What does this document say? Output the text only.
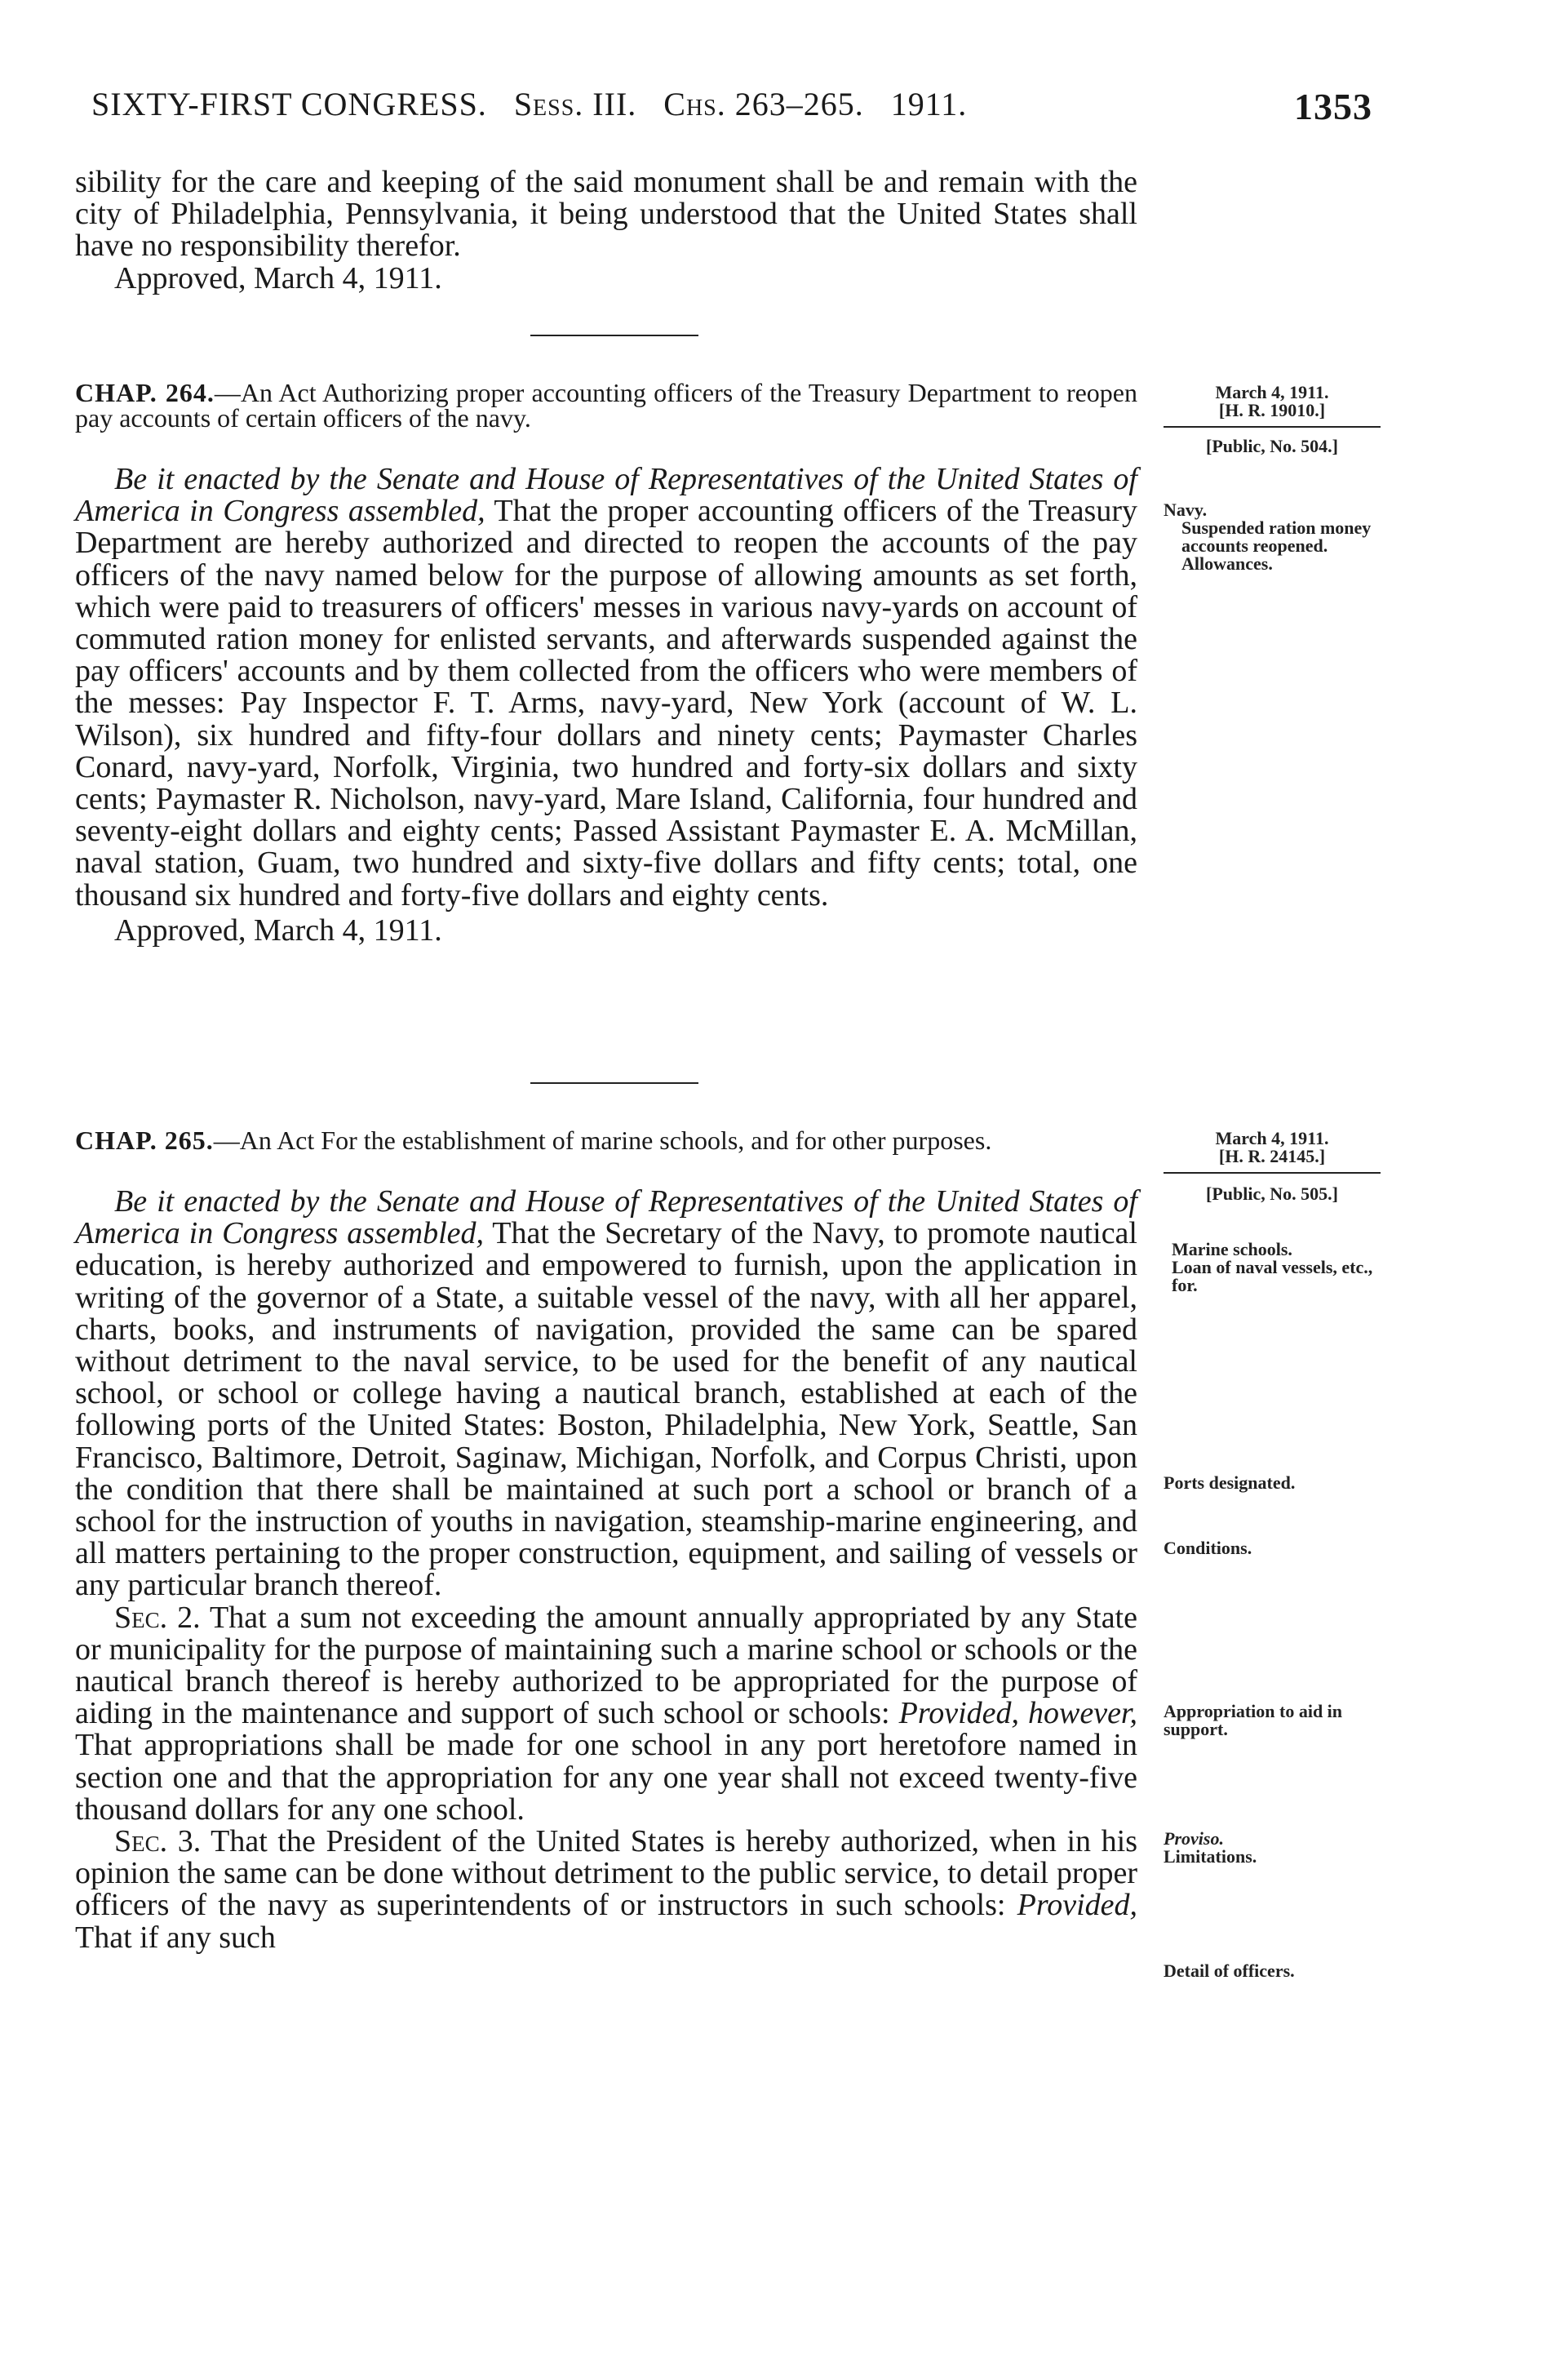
SIXTY-FIRST CONGRESS. Sess. III. Chs. 263–265. 1911.	1353

sibility for the care and keeping of the said monument shall be and remain with the city of Philadelphia, Pennsylvania, it being understood that the United States shall have no responsibility therefor.

Approved, March 4, 1911.

CHAP. 264.—An Act Authorizing proper accounting officers of the Treasury Department to reopen pay accounts of certain officers of the navy.

Be it enacted by the Senate and House of Representatives of the United States of America in Congress assembled, That the proper accounting officers of the Treasury Department are hereby authorized and directed to reopen the accounts of the pay officers of the navy named below for the purpose of allowing amounts as set forth, which were paid to treasurers of officers' messes in various navy-yards on account of commuted ration money for enlisted servants, and afterwards suspended against the pay officers' accounts and by them collected from the officers who were members of the messes: Pay Inspector F. T. Arms, navy-yard, New York (account of W. L. Wilson), six hundred and fifty-four dollars and ninety cents; Paymaster Charles Conard, navy-yard, Norfolk, Virginia, two hundred and forty-six dollars and sixty cents; Paymaster R. Nicholson, navy-yard, Mare Island, California, four hundred and seventy-eight dollars and eighty cents; Passed Assistant Paymaster E. A. McMillan, naval station, Guam, two hundred and sixty-five dollars and fifty cents; total, one thousand six hundred and forty-five dollars and eighty cents.

Approved, March 4, 1911.

March 4, 1911.
[H. R. 19010.]
[Public, No. 504.]
Navy.
Suspended ration money accounts reopened.
Allowances.

CHAP. 265.—An Act For the establishment of marine schools, and for other purposes.

Be it enacted by the Senate and House of Representatives of the United States of America in Congress assembled, That the Secretary of the Navy, to promote nautical education, is hereby authorized and empowered to furnish, upon the application in writing of the governor of a State, a suitable vessel of the navy, with all her apparel, charts, books, and instruments of navigation, provided the same can be spared without detriment to the naval service, to be used for the benefit of any nautical school, or school or college having a nautical branch, established at each of the following ports of the United States: Boston, Philadelphia, New York, Seattle, San Francisco, Baltimore, Detroit, Saginaw, Michigan, Norfolk, and Corpus Christi, upon the condition that there shall be maintained at such port a school or branch of a school for the instruction of youths in navigation, steamship-marine engineering, and all matters pertaining to the proper construction, equipment, and sailing of vessels or any particular branch thereof.

Sec. 2. That a sum not exceeding the amount annually appropriated by any State or municipality for the purpose of maintaining such a marine school or schools or the nautical branch thereof is hereby authorized to be appropriated for the purpose of aiding in the maintenance and support of such school or schools: Provided, however, That appropriations shall be made for one school in any port heretofore named in section one and that the appropriation for any one year shall not exceed twenty-five thousand dollars for any one school.

Sec. 3. That the President of the United States is hereby authorized, when in his opinion the same can be done without detriment to the public service, to detail proper officers of the navy as superintendents of or instructors in such schools: Provided, That if any such

March 4, 1911.
[H. R. 24145.]
[Public, No. 505.]
Marine schools.
Loan of naval vessels, etc., for.
Ports designated.
Conditions.
Appropriation to aid in support.
Proviso.
Limitations.
Detail of officers.
